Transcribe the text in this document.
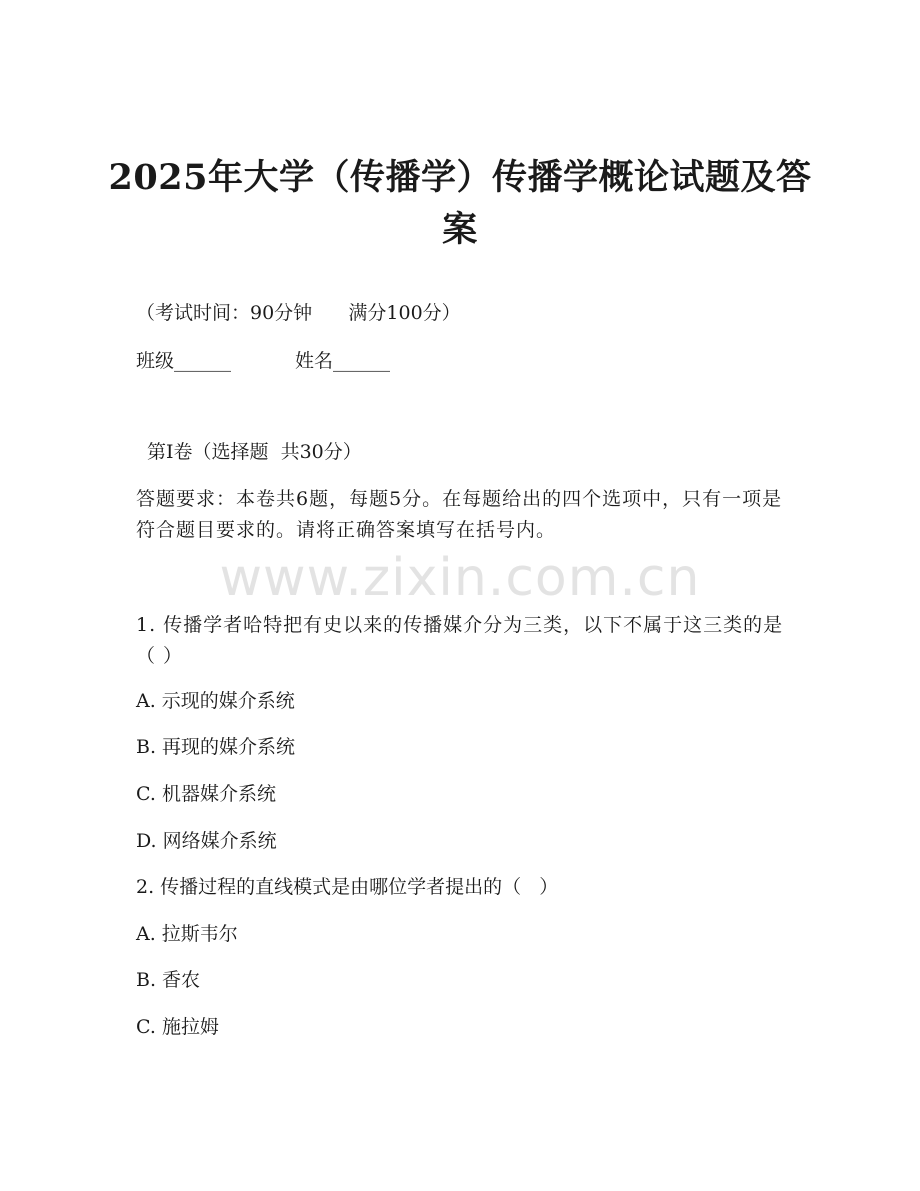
2025年大学（传播学）传播学概论试题及答案
（考试时间：90分钟      满分100分）
班级______	姓名______
第I卷（选择题  共30分）
答题要求：本卷共6题，每题5分。在每题给出的四个选项中，只有一项是符合题目要求的。请将正确答案填写在括号内。
www.zixin.com.cn
1. 传播学者哈特把有史以来的传播媒介分为三类，以下不属于这三类的是（ ）
A. 示现的媒介系统
B. 再现的媒介系统
C. 机器媒介系统
D. 网络媒介系统
2. 传播过程的直线模式是由哪位学者提出的（   ）
A. 拉斯韦尔
B. 香农
C. 施拉姆
